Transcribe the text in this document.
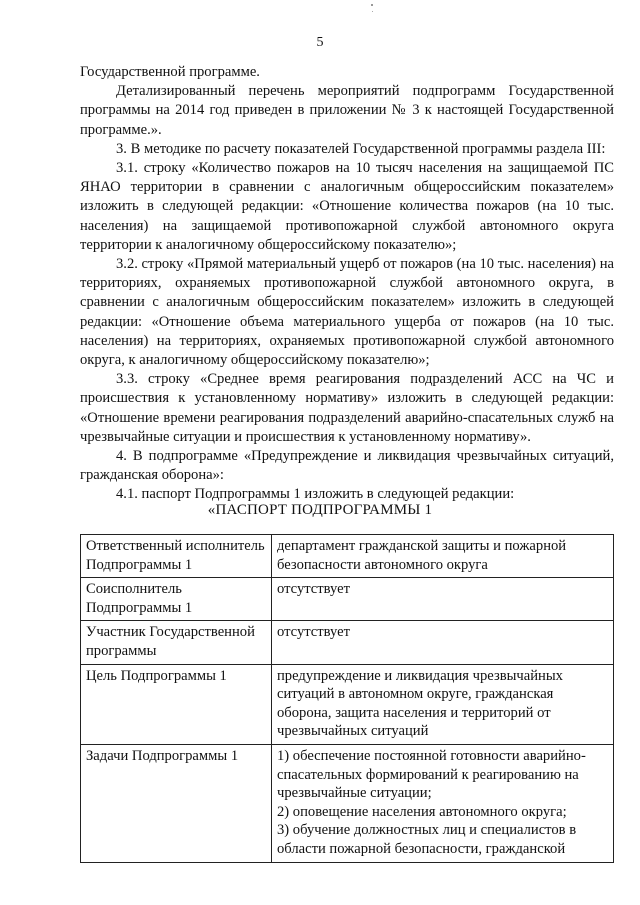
5

Государственной программе.

Детализированный перечень мероприятий подпрограмм Государственной программы на 2014 год приведен в приложении № 3 к настоящей Государственной программе.».

3. В методике по расчету показателей Государственной программы раздела III:

3.1. строку «Количество пожаров на 10 тысяч населения на защищаемой ПС ЯНАО территории в сравнении с аналогичным общероссийским показателем» изложить в следующей редакции: «Отношение количества пожаров (на 10 тыс. населения) на защищаемой противопожарной службой автономного округа территории к аналогичному общероссийскому показателю»;

3.2. строку «Прямой материальный ущерб от пожаров (на 10 тыс. населения) на территориях, охраняемых противопожарной службой автономного округа, в сравнении с аналогичным общероссийским показателем» изложить в следующей редакции: «Отношение объема материального ущерба от пожаров (на 10 тыс. населения) на территориях, охраняемых противопожарной службой автономного округа, к аналогичному общероссийскому показателю»;

3.3. строку «Среднее время реагирования подразделений АСС на ЧС и происшествия к установленному нормативу» изложить в следующей редакции: «Отношение времени реагирования подразделений аварийно-спасательных служб на чрезвычайные ситуации и происшествия к установленному нормативу».

4. В подпрограмме «Предупреждение и ликвидация чрезвычайных ситуаций, гражданская оборона»:

4.1. паспорт Подпрограммы 1 изложить в следующей редакции:

«ПАСПОРТ ПОДПРОГРАММЫ 1
Ответственный исполнитель Подпрограммы 1	департамент гражданской защиты и пожарной безопасности автономного округа
Соисполнитель Подпрограммы 1	отсутствует
Участник Государственной программы	отсутствует
Цель Подпрограммы 1	предупреждение и ликвидация чрезвычайных ситуаций в автономном округе, гражданская оборона, защита населения и территорий от чрезвычайных ситуаций
Задачи Подпрограммы 1	1) обеспечение постоянной готовности аварийно-спасательных формирований к реагированию на чрезвычайные ситуации;
2) оповещение населения автономного округа;
3) обучение должностных лиц и специалистов в области пожарной безопасности, гражданской
